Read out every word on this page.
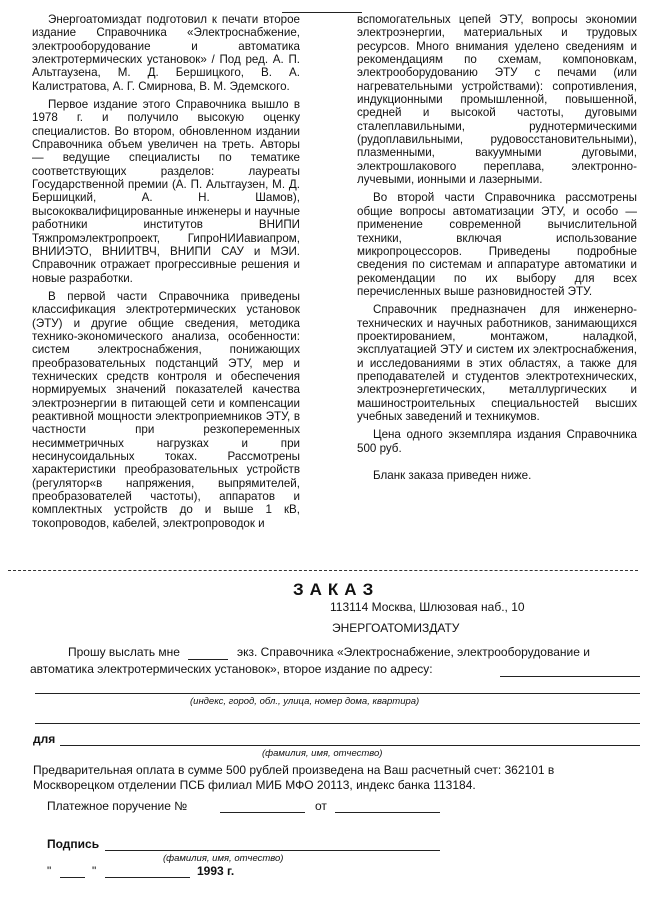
Энергоатомиздат подготовил к печати второе издание Справочника «Электроснабжение, электрооборудование и автоматика электротермических установок» / Под ред. А. П. Альтгаузена, М. Д. Бершицкого, В. А. Калистратова, А. Г. Смирнова, В. М. Эдемского.

Первое издание этого Справочника вышло в 1978 г. и получило высокую оценку специалистов. Во втором, обновленном издании Справочника объем увеличен на треть. Авторы — ведущие специалисты по тематике соответствующих разделов: лауреаты Государственной премии (А. П. Альтгаузен, М. Д. Бершицкий, А. Н. Шамов), высококвалифицированные инженеры и научные работники институтов ВНИПИ Тяжпромэлектропроект, ГипроНИИавиапром, ВНИИЭТО, ВНИИТВЧ, ВНИПИ САУ и МЭИ. Справочник отражает прогрессивные решения и новые разработки.

В первой части Справочника приведены классификация электротермических установок (ЭТУ) и другие общие сведения, методика технико-экономического анализа, особенности: систем электроснабжения, понижающих преобразовательных подстанций ЭТУ, мер и технических средств контроля и обеспечения нормируемых значений показателей качества электроэнергии в питающей сети и компенсации реактивной мощности электроприемников ЭТУ, в частности при резкопеременных несимметричных нагрузках и при несинусоидальных токах. Рассмотрены характеристики преобразовательных устройств (регулятор«в напряжения, выпрямителей, преобразователей частоты), аппаратов и комплектных устройств до и выше 1 кВ, токопроводов, кабелей, электропроводок и

вспомогательных цепей ЭТУ, вопросы экономии электроэнергии, материальных и трудовых ресурсов. Много внимания уделено сведениям и рекомендациям по схемам, компоновкам, электрооборудованию ЭТУ с печами (или нагревательными устройствами): сопротивления, индукционными промышленной, повышенной, средней и высокой частоты, дуговыми сталеплавильными, руднотермическими (рудоплавильными, рудовосстановительными), плазменными, вакуумными дуговыми, электрошлакового переплава, электронно-лучевыми, ионными и лазерными.

Во второй части Справочника рассмотрены общие вопросы автоматизации ЭТУ, и особо — применение современной вычислительной техники, включая использование микропроцессоров. Приведены подробные сведения по системам и аппаратуре автоматики и рекомендации по их выбору для всех перечисленных выше разновидностей ЭТУ.

Справочник предназначен для инженерно-технических и научных работников, занимающихся проектированием, монтажом, наладкой, эксплуатацией ЭТУ и систем их электроснабжения, и исследованиями в этих областях, а также для преподавателей и студентов электротехнических, электроэнергетических, металлургических и машиностроительных специальностей высших учебных заведений и техникумов.

Цена одного экземпляра издания Справочника 500 руб.

Бланк заказа приведен ниже.

ЗАКАЗ
113114 Москва, Шлюзовая наб., 10
ЭНЕРГОАТОМИЗДАТУ
Прошу выслать мне	экз. Справочника «Электроснабжение, электрооборудование и
автоматика электротермических установок», второе издание по адресу:
(индекс, город, обл., улица, номер дома, квартира)
для
(фамилия, имя, отчество)
Предварительная оплата в сумме 500 рублей произведена на Ваш расчетный счет: 362101 в
Москворецком отделении ПСБ филиал МИБ МФО 20113, индекс банка 113184.
Платежное поручение №	от
Подпись
(фамилия, имя, отчество)
"	"	1993 г.
